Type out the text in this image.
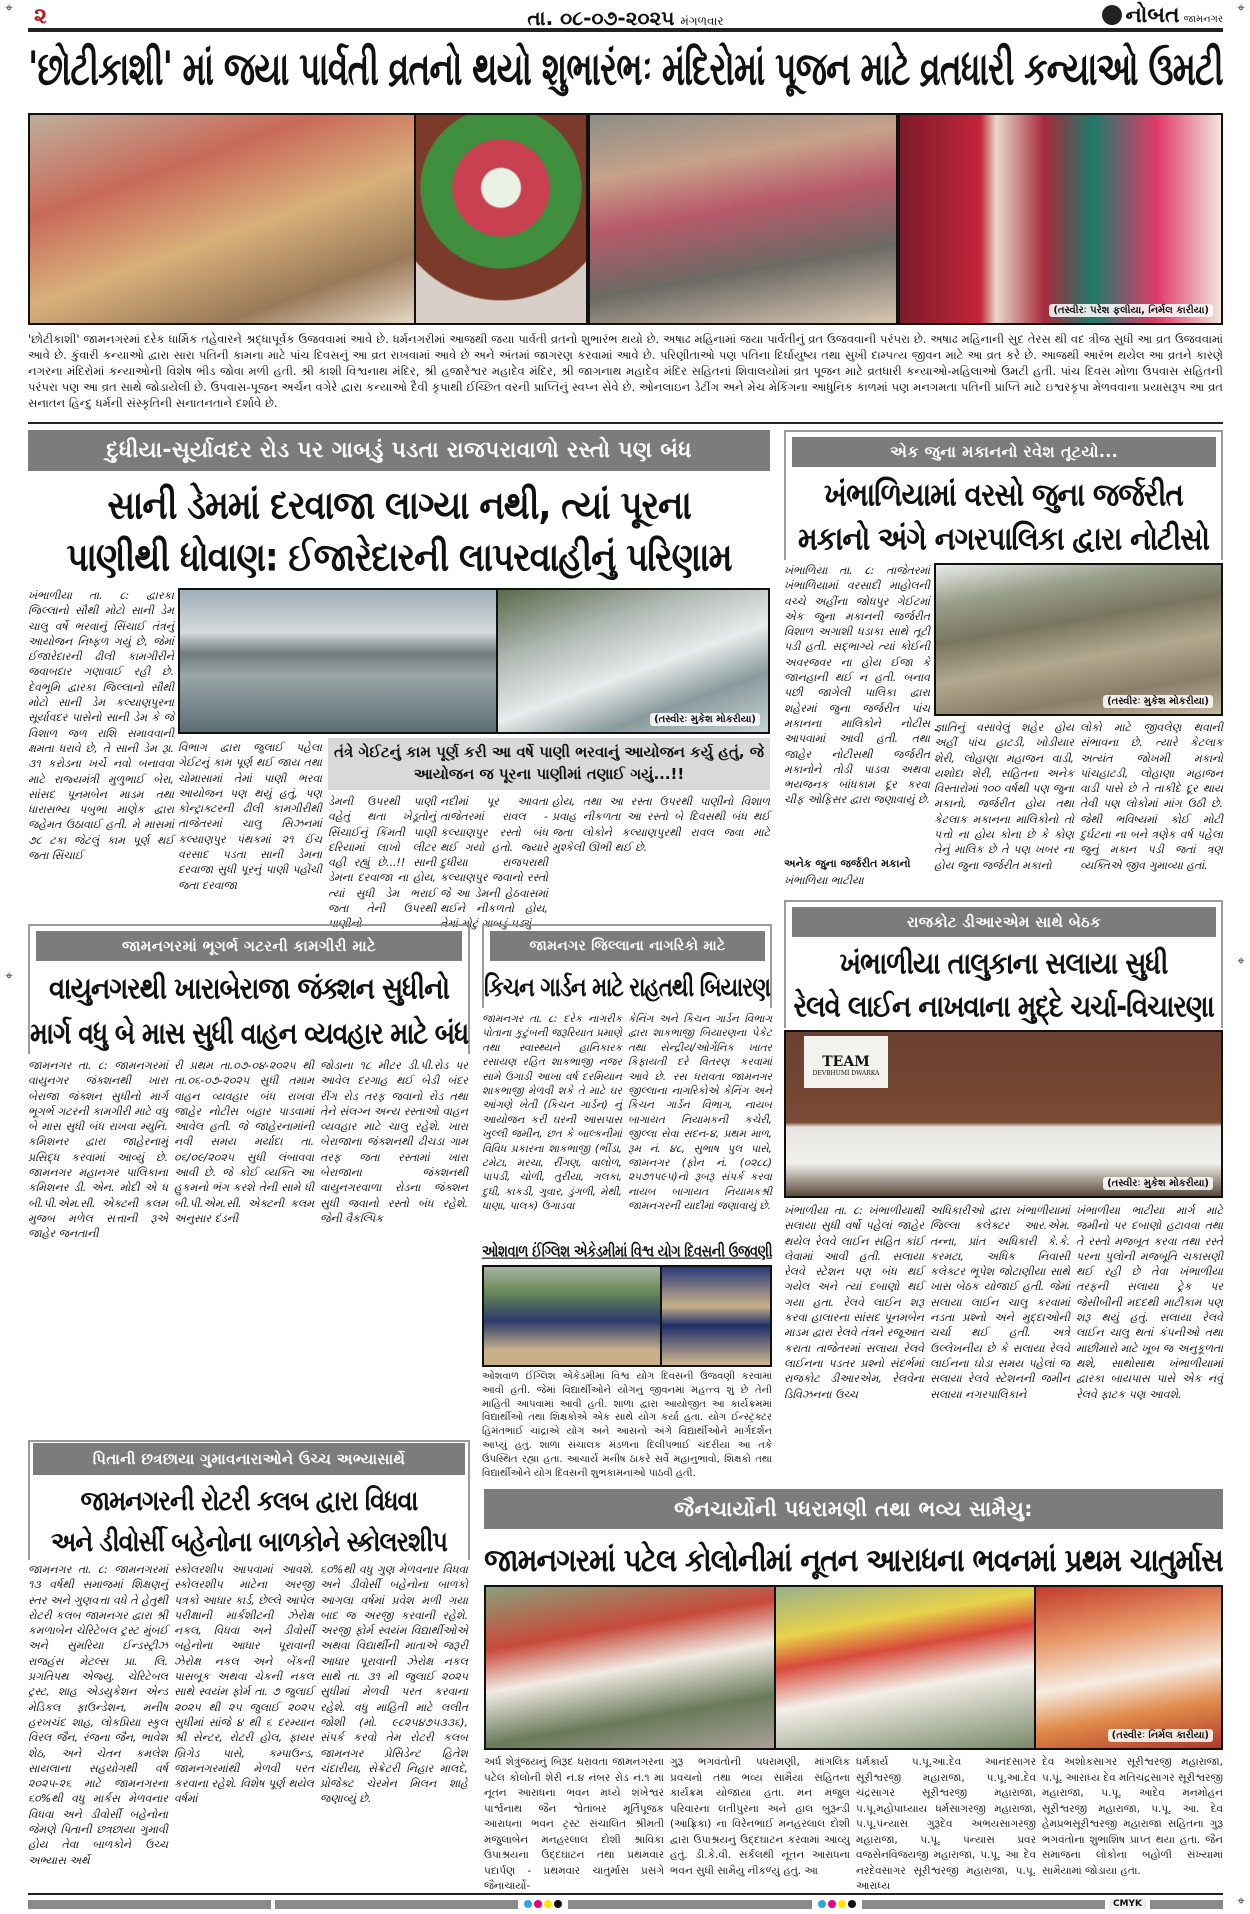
⌖	⌖
⌖
⌖
⌖
૨	તા. ૦૮-૦૭-૨૦૨૫ મંગળવાર	નોબત જામનગર
'છોટીકાશી' માં જયા પાર્વતી વ્રતનો થયો શુભારંભઃ મંદિરોમાં પૂજન માટે વ્રતધારી કન્યાઓ ઉમટી
(તસ્વીરઃ પરેશ ફલીયા, નિર્મલ કારીયા)
'છોટીકાશી' જામનગરમાં દરેક ધાર્મિક તહેવારને શ્રદ્ધાપૂર્વક ઉજવવામાં આવે છે. ધર્મનગરીમાં આજથી જયા પાર્વતી વ્રતનો શુભારંભ થયો છે. અષાઢ મહિનામાં જયા પાર્વતીનું વ્રત ઉજવવાની પરંપરા છે. અષાઢ મહિનાની સુદ તેરસ થી વદ ત્રીજ સુધી આ વ્રત ઉજવવામાં આવે છે. કુંવારી કન્યાઓ દ્વારા સારા પતિની કામના માટે પાંચ દિવસનું આ વ્રત રાખવામાં આવે છે અને અંતમાં જાગરણ કરવામાં આવે છે. પરિણીતાઓ પણ પતિના દિર્ઘાયુષ્ય તથા સુખી દામ્પત્ય જીવન માટે આ વ્રત કરે છે. આજથી આરંભ થયેલ આ વ્રતને કારણે નગરના મંદિરોમાં કન્યાઓની વિશેષ ભીડ જોવા મળી હતી. શ્રી કાશી વિશ્વનાથ મંદિર, શ્રી હજારેશ્વર મહાદેવ મંદિર, શ્રી જાગનાથ મહાદેવ મંદિર સહિતનાં શિવાલયોમાં વ્રત પૂજન માટે વ્રતધારી કન્યાઓ-મહિલાઓ ઉમટી હતી. પાંચ દિવસ મોળા ઉપવાસ સહિતની પરંપરા પણ આ વ્રત સાથે જોડાયેલી છે. ઉપવાસ-પૂજન અર્ચન વગેરે દ્વારા કન્યાઓ દૈવી કૃપાથી ઈચ્છિત વરની પ્રાપ્તિનું સ્વપ્ન સેવે છે. ઓનલાઇન ડેટીંગ અને મેચ મેકિંગના આધુનિક કાળમાં પણ મનગમતા પતિની પ્રાપ્તિ માટે ઇશ્વરકૃપા મેળવવાના પ્રયાસરૂપ આ વ્રત સનાતન હિન્દુ ધર્મની સંસ્કૃતિની સનાતનતાને દર્શાવે છે.
દુધીયા-સૂર્યાવદર રોડ પર ગાબડું પડતા રાજપરાવાળો રસ્તો પણ બંધ
સાની ડેમમાં દરવાજા લાગ્યા નથી, ત્યાં પૂરના
પાણીથી ધોવાણ: ઈજારેદારની લાપરવાહીનું પરિણામ
ખંભાળીયા તા. ૮: દ્વારકા જિલ્લાનો સૌથી મોટો સાની ડેમ ચાલુ વર્ષે ભરવાનું સિંચાઈ તંત્રનું આયોજન નિષ્ફળ ગયું છે, જેમાં ઈજારેદારની ઢીલી કામગીરીને જવાબદાર ગણાવાઈ રહી છે. દેવભૂમિ દ્વારકા જિલ્લાનો સૌથી મોટો સાની ડેમ કલ્યાણપુરના સૂર્યાવદર પાસેનો સાની ડેમ કે જે વિશાળ જળ રાશિ સમાવવાની ક્ષમતા ધરાવે છે, તે સાની ડેમ રૂા. ૩૧ કરોડના ખર્ચે નવો બનાવવા માટે રાજ્યમંત્રી મુળુભાઈ બેરા, સાંસદ પૂનમબેન માડમ તથા ધારાસભ્ય પબુભા માણેક દ્વારા જહેમત ઉઠાવાઈ હતી. મે માસમાં ૭૮ ટકા જેટલું કામ પૂર્ણ થઈ જતા સિંચાઈ
(તસ્વીરઃ મુકેશ મોકરીયા)
વિભાગ દ્વારા જુલાઈ પહેલા ગેઈટનું કામ પૂર્ણ થઈ જાય તથા ચોમાસામાં તેમાં પાણી ભરવા આયોજન પણ થયું હતું, પણ કોન્ટ્રાક્ટરની ઢીલી કામગીરીથી તાજેતરમાં ચાલુ સિઝનમાં કલ્યાણપુર પંથકમાં ૨૧ ઈંચ વરસાદ પડતા સાની ડેમના દરવાજા સુધી પૂરનું પાણી પહોંચી જતા દરવાજા
તંત્રે ગેઈટનું કામ પૂર્ણ કરી આ વર્ષે પાણી ભરવાનું આયોજન કર્યુ હતું, જે આયોજન જ પૂરના પાણીમાં તણાઈ ગયું...!!
ડેમની ઉપરથી પાણી વહેતું થતા ખેડૂતોનું સિંચાઈનું કિંમતી પાણી દરિયામાં લાખો લીટર વહી રહ્યું છે...!! સાની ડેમના દરવાજા ના હોય, ત્યાં સુધી ડેમ ભરાઈ જતા તેની ઉપરથી પાણીનો
નદીમાં પૂર આવતા તાજેતરમાં રાવલ - કલ્યાણપુર રસ્તો બંધ થઈ ગયો હતો. જ્યારે દુધીયા રાજપરાથી કલ્યાણપુર જવાનો રસ્તો જે આ ડેમની હેઠવાસમાં થઈને નીકળતો હોય, તેમાં મોટું ગાબડું પડ્યું
હોય, તથા આ રસ્તા ઉપરથી પાણીનો વિશાળ પ્રવાહ નીકળતા આ રસ્તો બે દિવસથી બંધ થઈ જતા લોકોને કલ્યાણપુરથી રાવલ જવા માટે મુશ્કેલી ઊભી થઈ છે.
એક જુના મકાનનો રવેશ તૂટયો...
ખંભાળિયામાં વરસો જુના જર્જરીત
મકાનો અંગે નગરપાલિકા દ્વારા નોટીસો
ખંભાળિયા તા. ૮: તાજેતરમાં ખંભાળિયામાં વરસાદી માહોલની વચ્ચે અહીંના જોધપુર ગેઈટમાં એક જુના મકાનની જર્જરીત વિશાળ અગાશી ધડાકા સાથે તૂટી પડી હતી. સદ્ભાગ્યે ત્યાં કોઈની અવરજવર ના હોય ઈજા કે જાનહાની થઈ ન હતી. બનાવ પછી જાગેલી પાલિકા દ્વારા શહેરમાં જુના જર્જરીત પાંચ મકાનના માલિકોને નોટીસ આપવામાં આવી હતી. તથા જાહેર નોટીસથી જર્જરીત મકાનોને તોડી પાડવા અથવા ભયજનક બાંધકામ દૂર કરવા ચીફ ઓફિસર દ્વારા જણાવાયું છે.
અનેક જુના જર્જરીત મકાનો
ખંભાળિયા ભાટીયા
(તસ્વીરઃ મુકેશ મોકરીયા)
જ્ઞાતિનું વસાવેલું શહેર હોય અહીં પાંચ હાટડી, ખોડીયાર શેરી, લોહાણા મહાજન વાડી, યશોદા શેરી, સહિતના અનેક વિસ્તારોમાં ૧૦૦ વર્ષથી પણ જુના મકાનો, જર્જરીત હોય તથા કેટલાક મકાનના માલિકોનો તો પત્તો ના હોય કોના છે કે કોણ તેનું માલિક છે તે પણ ખબર ના હોય જુના જર્જરીત મકાનો
લોકો માટે જીવલેણ થવાની સંભાવના છે. ત્યારે કેટલાક અત્યંત જોખમી મકાનો પાંચહાટડી, લોહાણા મહાજન વાડી પાસે છે તે તાકીદે દૂર થાય તેવી પણ લોકોમાં માંગ ઉઠી છે. જેથી ભવિષ્યમાં કોઈ મોટી દુર્ઘટના ના બને ત્રણેક વર્ષ પહેલા જુનું મકાન પડી જતાં ત્રણ વ્યક્તિએ જીવ ગુમાવ્યા હતાં.
જામનગરમાં ભૂગર્ભ ગટરની કામગીરી માટે
વાયુનગરથી ખારાબેરાજા જંક્શન સુધીનો
માર્ગ વધુ બે માસ સુધી વાહન વ્યવહાર માટે બંધ
જામનગર તા. ૮: જામનગરમાં વાયુનગર જંક્શનથી ખારા બેરાજા જંક્શન સુધીનો માર્ગ ભૂગર્ભ ગટરની કામગીરી માટે વધુ બે માસ સુધી બંધ રાખવા મ્યુનિ. કમિશનર દ્વારા જાહેરનામું પ્રસિદ્ધ કરવામાં આવ્યું છે. જામનગર મહાનગર પાલિકાના કમિશનર ડી. એન. મોદી એ ધ બી.પી.એમ.સી. એક્ટની કલમ મુજબ મળેલ સત્તાની રૂએ જાહેર જનતાની
રી પ્રથમ તા.૦૭-૦૪-૨૦૨૫ થી તા.૦૬-૦૭-૨૦૨૫ સુધી તમામ વાહન વ્યવહાર બંધ રાખવા જાહેર નોટીસ બહાર પાડવામાં આવેલ હતી. જે જાહેરનામાંની નવી સમય મર્યાદા તા. ૦૬/૦૯/૨૦૨૫ સુધી લંબાવવા આવી છે. જે કોઈ વ્યક્તિ આ હુકમનો ભંગ કરશે તેની સામે ધી બી.પી.એમ.સી. એક્ટની કલમ અનુસાર દંડની
જોડાના ૧૮ મીટર ડી.પી.રોડ પર આવેલ દરગાહ થઈ બેડી બંદર રીંગ રોડ તરફ જવાનો રોડ તથા તેને સંલગ્ન અન્ય રસ્તાઓ વાહન વ્યવહાર માટે ચાલુ રહેશે. ખારા બેરાજાના જંક્શનથી ઢીચડા ગામ તરફ જતા રસ્તામાં ખારા બેરાજાના જંક્શનથી વાયુનગરવાળા રોડના જંક્શન સુધી જવાનો રસ્તો બંધ રહેશે. જેની વૈકલ્પિક
જામનગર જિલ્લાના નાગરિકો માટે
કિચન ગાર્ડન માટે રાહતથી બિયારણ
જામનગર તા. ૮: દરેક નાગરીક પોતાના કુટુંબની જરૂરિયાત પ્રમાણે તથા સ્વાસ્થ્યને હાનિકારક રસાયણ રહિત શાકભાજી નજર સામે ઉગાડી આખા વર્ષ દરમિયાન શાકભાજી મેળવી શકે તે માટે ઘર આંગણે ખેતી (કિચન ગાર્ડન) નું આયોજન કરી ઘરની આસપાસ ખુલ્લી જમીન, છત કે બાલ્કનીમાં વિવિધ પ્રકારના શાકભાજી (ભીંડા, ટમેટા, મરચા, રીંગણ, વાલોળ, પાપડી, ચોળી, તુરીયા, ગલકા, દુધી, કાકડી, ગુવાર, ડુંગળી, મેથી, ધાણા, પાલક) ઉગાડવા
કેનિંગ અને કિચન ગાર્ડન વિભાગ દ્વારા શાકભાજી બિયારણના પેકેટ તથા સેન્દ્રીય/ઓર્ગેનિક ખાતર કિફાયતી દરે વિતરણ કરવામાં આવે છે. રસ ધરાવતા જામનગર જીલ્લાના નાગરિકોએ કેનિંગ અને કિચન ગાર્ડન વિભાગ, નાયબ બાગાયત નિયામકની કચેરી, જીલ્લા સેવા સદન-૪, પ્રથમ માળ, રૂમ નં. ૪૮, સુભાષ પુલ પાસે, જામનગર (ફોન નં. (૦૨૮૮) ૨૫૭૧૫૯૫)નો રૂબરૂ સંપર્ક કરવા નાયબ બાગાયત નિયામકશ્રી જામનગરની યાદીમાં જણાવાયું છે.
ઓશવાળ ઈંગ્લિશ એકેડમીમાં વિશ્વ યોગ દિવસની ઉજવણી
ઓશવાળ ઈંગ્લિશ એકેડમીમાં વિશ્વ યોગ દિવસની ઉજવણી કરવામાં આવી હતી. જેમાં વિદ્યાર્થીઓને યોગનું જીવનમાં મહત્ત્વ શું છે તેની માહિતી આપવામાં આવી હતી. શાળા દ્વારા આયોજીત આ કાર્યક્રમમાં વિદ્યાર્થીઓ તથા શિક્ષકોએ એક સાથે યોગ કર્યા હતા. યોગ ઈન્સ્ટ્રક્ટર હિમંતભાઈ ચાંદ્રાએ યોગ અને આસનો અંગે વિદ્યાર્થીઓને માર્ગદર્શન આપ્યું હતું. શાળા સંચાલક મંડળના દિલીપભાઈ ચંદરીયા આ તકે ઉપસ્થિત રહ્યા હતા. આચાર્ય મનીષ ઠાકરે સર્વે મહાનુભાવો, શિક્ષકો તથા વિદ્યાર્થીઓને યોગ દિવસની શુભકામનાઓ પાઠવી હતી.
રાજકોટ ડીઆરએમ સાથે બેઠક
ખંભાળીયા તાલુકાના સલાયા સુધી
રેલવે લાઈન નાખવાના મુદ્દે ચર્ચા-વિચારણા
TEAM
DEVBHUMI DWARKA
(તસ્વીરઃ મુકેશ મોકરીયા)
ખંભાળીયા તા. ૮: ખંભાળીયાથી સલાયા સુધી વર્ષો પહેલાં જાહેર થયેલ રેલવે લાઈન સહિત કાંઈ લેવામાં આવી હતી. સલાયા રેલવે સ્ટેશન પણ બંધ થઈ ગયેલ અને ત્યાં દબાણો થઈ ગયા હતા. રેલવે લાઈન શરૂ કરવા હાલારના સાંસદ પૂનમબેન માડમ દ્વારા રેલવે તંત્રને રજૂઆત કરાતા તાજેતરમાં સલાયા રેલવે લાઈનના પડતર પ્રશ્નો સંદર્ભમાં રાજકોટ ડીઆરએમ, રેલવેના ડિવિઝનના ઉચ્ચ
અધિકારીઓ દ્વારા ખંભાળીયામાં જિલ્લા કલેક્ટર આર.એમ. તન્ના, પ્રાંત અધિકારી કે.કે. કરમટા, અધિક નિવાસી કલેક્ટર ભૂપેશ જોટાણીયા સાથે ખાસ બેઠક યોજાઈ હતી. જેમાં સલાયા લાઈન ચાલુ કરવામાં નડતા પ્રશ્નો અને મુદ્દાઓની ચર્ચા થઈ હતી. અત્રે ઉલ્લેખનીય છે કે સલાયા રેલવે લાઈનના ઘોડા સમય પહેલાં જ સલાયા રેલવે સ્ટેશનની જમીન સલાયા નગરપાલિકાને
ખંભાળીયા ભાટીયા માર્ગ માટે જમીનો પર દબાણો હટાવવા તથા તે રસ્તો મજબૂત કરવા તથા રસ્તે પરના પુલોની મજબૂતિ ચકાસણી થઈ રહી છે તેવા ખંભાળીયા તરફની સલાયા ટ્રેક પર જેસીબીની મદદથી માટીકામ પણ શરૂ થયું હતું. સલાયા રેલવે લાઈન ચાલુ થતાં કંપનીઓ તથા માછીમારો માટે ખૂબ જ અનુકૂળતા થશે, સાથોસાથ ખંભાળીયામાં દ્વારકા બાયપાસ પાસે એક નવું રેલવે ફાટક પણ આવશે.
પિતાની છત્રછાયા ગુમાવનારાઓને ઉચ્ચ અભ્યાસાર્થે
જામનગરની રોટરી કલબ દ્વારા વિધવા
અને ડીવોર્સી બહેનોના બાળકોને સ્કોલરશીપ
જામનગર તા. ૮: જામનગરમાં ૧૩ વર્ષથી સમાજમાં શિક્ષણનું સ્તર અને ગુણવત્તા વધે તે હેતુથી રોટરી કલબ જામનગર દ્વારા શ્રી કમળાબેન ચેરિટેબલ ટ્રસ્ટ મુંબઈ અને સુમરિયા ઈન્ડસ્ટ્રીઝ રાજહંસ મેટલ્સ પ્રા. લિ. પ્રગતિપથ એજ્યુ. ચેરિટેબલ ટ્રસ્ટ, શાહ એડયુકેશન એન્ડ મેડિકલ ફાઉન્ડેશન, મનીષ હરખચંદ શાહ, લોકપ્રિયા સ્કુલ વિરલ જૈન, રંજના જૈન, ભાવેશ શેઠ, અને ચેતન કમલેશ સાયલાના સહયોગથી વર્ષ ૨૦૨૫-૨૬ માટે જામનગરના ૬૦%થી વધુ માર્કસ મેળવનાર વિધવા અને ડીવોર્સી બહેનોના જેમણે પિતાની છત્રછાયા ગુમાવી હોય તેવા બાળકોને ઉચ્ચ અભ્યાસ અર્થે
સ્કોલરશીપ આપવામાં આવશે. સ્કોલરશીપ માટેના અરજી પત્રકો આધાર કાર્ડ, છેલ્લે આપેલ પરીક્ષાની માર્કશીટની ઝેરોક્ષ નકલ, વિધવા અને ડીવોર્સી બહેનોના આધાર પૂરાવાની ઝેરોક્ષ નકલ અને બેંકની પાસબૂક અથવા ચેકની નકલ સાથે સ્વયંમ ફોર્મ તા. ૭ જુલાઈ ૨૦૨૫ થી ૨૫ જુલાઈ ૨૦૨૫ સુધીમાં સાંજે ૪ થી ૬ દરમ્યાન શ્રી સેન્ટર, રોટરી હોલ, ફાયર બ્રિગેડ પાસે, કમ્પાઉન્ડ, જામનગરમાંથી મેળવી પરત કરવાના રહેશે. વિશેષ પૂર્ણ થયેલ વર્ષમાં
૬૦%થી વધુ ગુણ મેળવનાર વિધવા અને ડીવોર્સી બહેનોના બાળકો આગલા વર્ષમાં પ્રવેશ મળી ગયા બાદ જ અરજી કરવાની રહેશે. અરજી ફોર્મ સ્વયંમ વિદ્યાર્થીઓએ અથવા વિદ્યાર્થીની માતાએ જરૂરી આધાર પૂરાવાની ઝેરોક્ષ નકલ સાથે તા. ૩૧ મી જુલાઈ ૨૦૨૫ સુધીમાં મેળવી પરત કરવાના રહેશે. વધુ માહિતી માટે લલીત જોશી (મો. ૯૮૨૫૪૭૫૩૩૬), સંપર્ક કરવો તેમ રોટરી કલબ જામનગર પ્રેસિડેન્ટ હિતેશ ચંદારીયા, સેક્રેટરી નિહાર માલદે, પ્રોજેક્ટ ચેરમેન મિલન શાહે જણાવ્યું છે.
જૈનચાર્યોની પધરામણી તથા ભવ્ય સામૈયુ:
જામનગરમાં પટેલ કોલોનીમાં નૂતન આરાધના ભવનમાં પ્રથમ ચાતુર્માસ
(તસ્વીરઃ નિર્મલ કારીયા)
અર્ધ શેત્રુંજયનું બિરૂદ ધરાવતા જામનગરના પટેલ કોલોની શેરી નં.૪ નંબર રોડ નં.૧ માં નૂતન આરાધના ભવન મધ્યે શંખેશ્વર પાર્શ્વનાથ જૈન શ્વેતાંબર મૂર્તિપૂજક આરાધના ભવન ટ્રસ્ટ સંચાલિત શ્રીમતી મંજુલાબેન મનહરલાલ દોશી શ્રાવિકા ઉપાશ્રયના ઉદ્દઘાટન તથા પ્રથમવાર પદાર્પણ - પ્રથમવાર ચાતુર્માસ પ્રસંગે જૈનાચાર્યો-
ગુરૂ ભગવંતોની પધરામણી, માંગલિક પ્રવચનો તથા ભવ્ય સામૈયા સહિતના કાર્યક્રમ યોજાયા હતા. મન મંજુલ પરિવારના લતીપુરના અને હાલ બુરૂન્ડી (આફ્રિકા) ના વિરેનભાઈ મનહરલાલ દોશી દ્વારા ઉપાશ્રયનું ઉદ્દઘાટન કરવામાં આવ્યુ હતું. ડી.કે.વી. સર્કલથી નૂતન આરાધના ભવન સુધી સામૈયુ નીકળ્યું હતું. આ
ધર્મકાર્ય પ.પૂ.આ.દેવ આનંદસાગર સૂરીશ્વરજી મહારાજા, પ.પૂ.આ.દેવ ચંદ્રસાગર સૂરીશ્વરજી મહારાજા, પ.પૂ.મહોપાધ્યાય ધર્મસાગરજી મહારાજા, પ.પૂ.પંન્યાસ ગુરૂદેવ અભયસાગરજી મહારાજા, પ.પૂ. પંન્યાસ પ્રવર વજસેનવિજયજી મહારાજા, પ.પૂ. આ દેવ નરદેવસાગર સૂરીશ્વરજી મહારાજા, પ.પૂ. આરાધ્ય
દેવ અશોકસાગર સૂરીશ્વરજી મહારાજા, પ.પૂ. આરાધ્ય દેવ મતિચંદ્રસાગર સૂરીશ્વરજી મહારાજા, પ.પૂ. આદેવ મનમોહન સૂરીશ્વરજી મહારાજા, પ.પૂ. આ. દેવ હેમપ્રભસૂરીશ્વરજી મહારાજા સહિતના ગુરૂ ભગવંતોના શુભાશિષ પ્રાપ્ત થયા હતા. જૈન સમાજના લોકોના બહોળી સંખ્યામાં સામૈયામાં જોડાયા હતા.
CMYK
